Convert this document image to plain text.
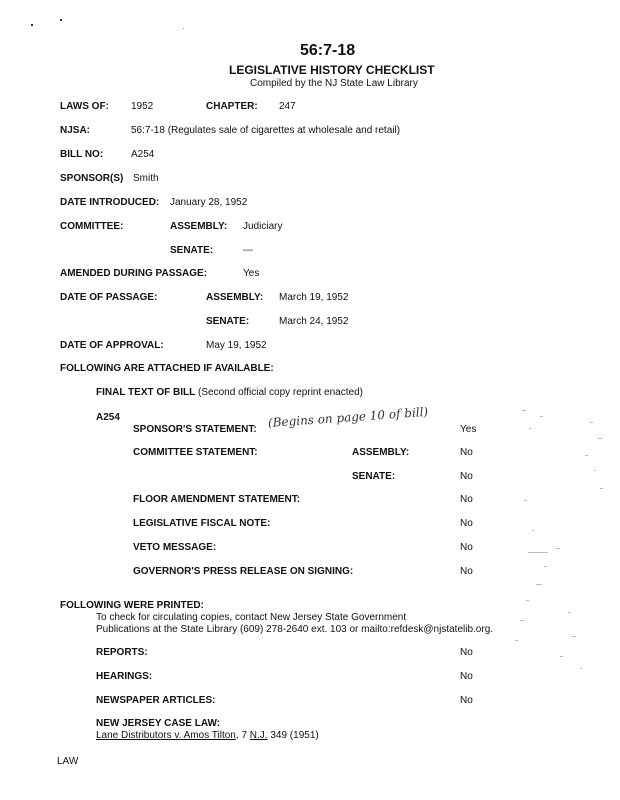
56:7-18
LEGISLATIVE HISTORY CHECKLIST
Compiled by the NJ State Law Library
LAWS OF: 1952	CHAPTER: 247
NJSA:	56:7-18 (Regulates sale of cigarettes at wholesale and retail)
BILL NO:	A254
SPONSOR(S) Smith
DATE INTRODUCED: January 28, 1952
COMMITTEE:	ASSEMBLY: Judiciary
SENATE:	---
AMENDED DURING PASSAGE:	Yes
DATE OF PASSAGE:	ASSEMBLY: March 19, 1952
SENATE:	March 24, 1952
DATE OF APPROVAL:	May 19, 1952
FOLLOWING ARE ATTACHED IF AVAILABLE:
FINAL TEXT OF BILL (Second official copy reprint enacted)
A254
SPONSOR'S STATEMENT: (Begins on page 10 of bill)	Yes
COMMITTEE STATEMENT:	ASSEMBLY:	No
SENATE:	No
FLOOR AMENDMENT STATEMENT:	No
LEGISLATIVE FISCAL NOTE:	No
VETO MESSAGE:	No
GOVERNOR'S PRESS RELEASE ON SIGNING:	No
FOLLOWING WERE PRINTED:
To check for circulating copies, contact New Jersey State Government
Publications at the State Library (609) 278-2640 ext. 103 or mailto:refdesk@njstatelib.org.
REPORTS:	No
HEARINGS:	No
NEWSPAPER ARTICLES:	No
NEW JERSEY CASE LAW:
Lane Distributors v. Amos Tilton, 7 N.J. 349 (1951)
LAW
